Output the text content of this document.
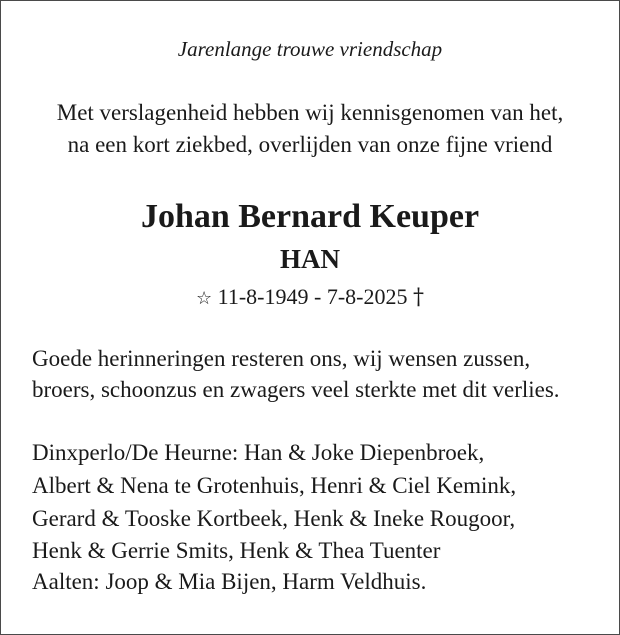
Jarenlange trouwe vriendschap
Met verslagenheid hebben wij kennisgenomen van het,
na een kort ziekbed, overlijden van onze fijne vriend
Johan Bernard Keuper
HAN
☆ 11-8-1949 - 7-8-2025 †
Goede herinneringen resteren ons, wij wensen zussen,
broers, schoonzus en zwagers veel sterkte met dit verlies.
Dinxperlo/De Heurne: Han & Joke Diepenbroek,
Albert & Nena te Grotenhuis, Henri & Ciel Kemink,
Gerard & Tooske Kortbeek, Henk & Ineke Rougoor,
Henk & Gerrie Smits, Henk & Thea Tuenter
Aalten: Joop & Mia Bijen, Harm Veldhuis.
